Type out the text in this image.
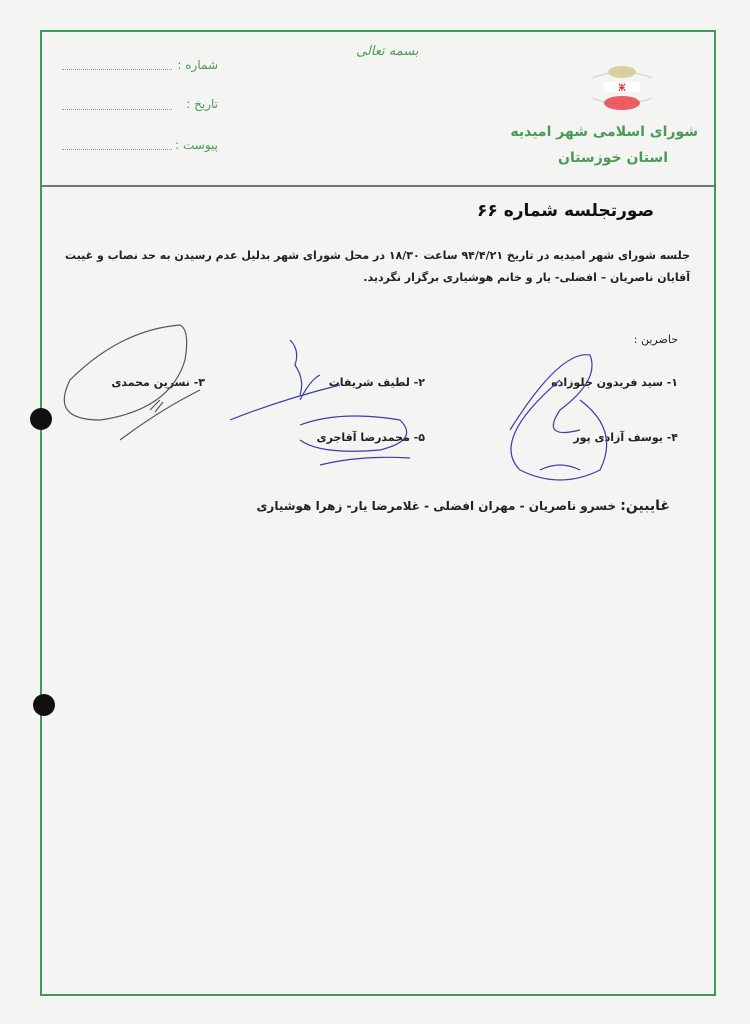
بسمه تعالی
شماره :
تاریخ :
پیوست :
ⵥ
شورای اسلامی شهر امیدیه
استان خوزستان
صورتجلسه شماره ۶۶
جلسه شورای شهر امیدیه در تاریخ ۹۴/۴/۲۱ ساعت ۱۸/۳۰ در محل شورای شهر بدلیل عدم رسیدن به حد نصاب و غیبت
آقایان ناصریان – افضلی- یار و خانم هوشیاری برگزار نگردید.
حاضرین :
۱- سید فریدون جلوزاده
۲- لطیف شریفات
۳- نسرین محمدی
۴- یوسف آزادی پور
۵- محمدرضا آقاجری
غایبین: خسرو ناصریان - مهران افضلی - غلامرضا یار- زهرا هوشیاری
